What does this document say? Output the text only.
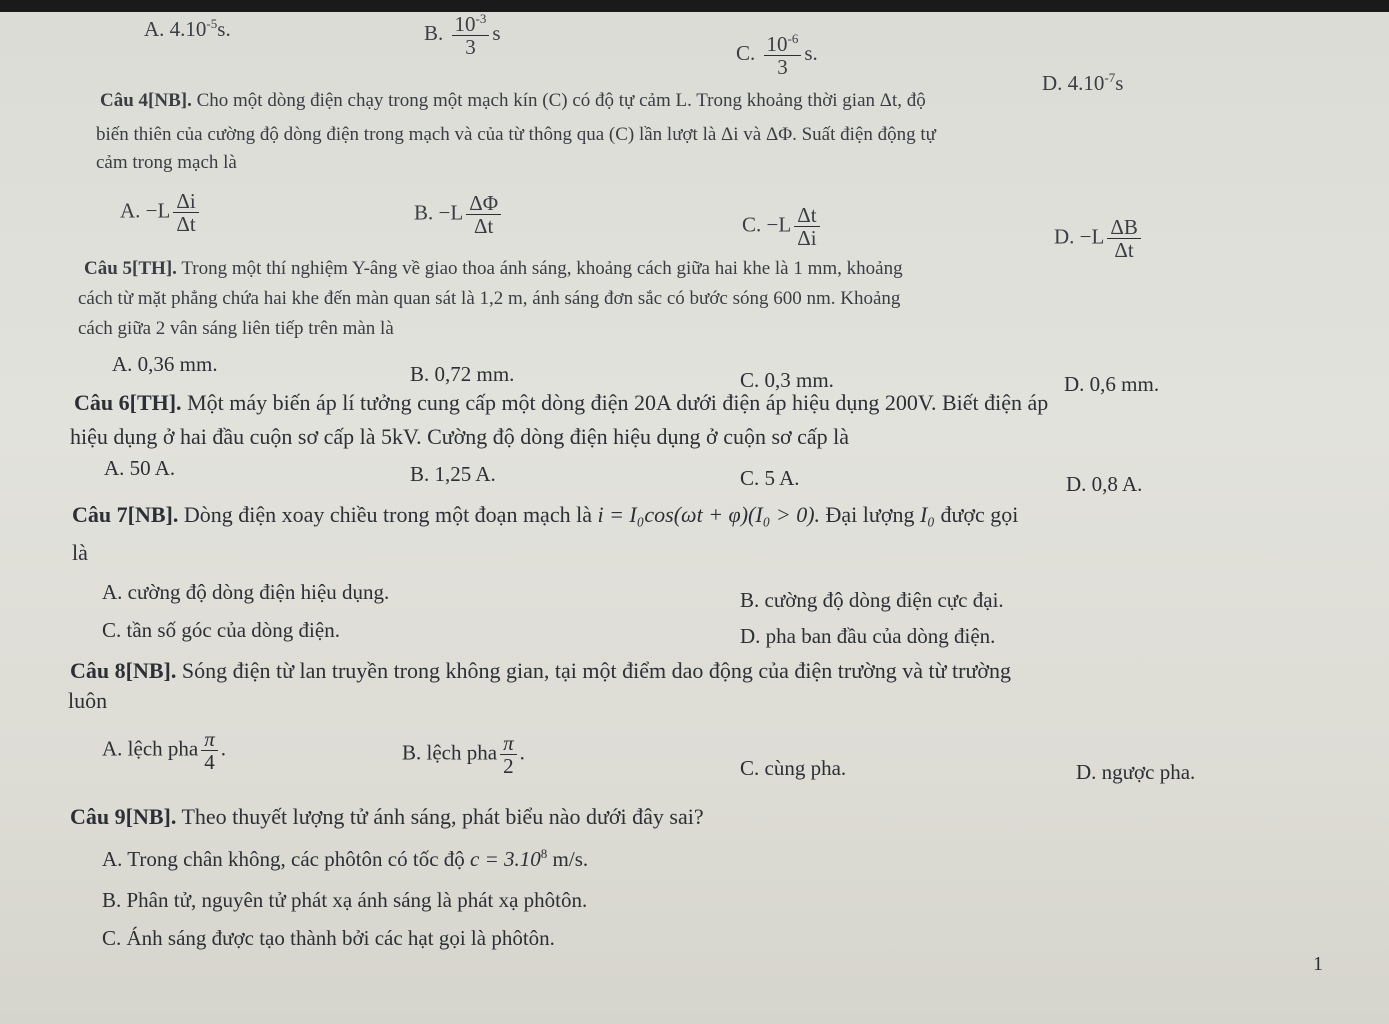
A. $4.10^{-5}s$.	B. $\frac{10^{-3}}{3}$ s
C. $\frac{10^{-6}}{3} s$.
D. $4.10^{-7}s$
Câu 4[NB]. Cho một dòng điện chạy trong một mạch kín (C) có độ tự cảm L. Trong khoảng thời gian Δt, độ
biến thiên của cường độ dòng điện trong mạch và của từ thông qua (C) lần lượt là Δi và ΔΦ. Suất điện động tự
cảm trong mạch là
A. $-L \frac{\Delta i}{\Delta t}$	B. $-L \frac{\Delta\Phi}{\Delta t}$	C. $-L \frac{\Delta t}{\Delta i}$	D. $-L \frac{\Delta B}{\Delta t}$
Câu 5[TH]. Trong một thí nghiệm Y-âng về giao thoa ánh sáng, khoảng cách giữa hai khe là 1 mm, khoảng
cách từ mặt phẳng chứa hai khe đến màn quan sát là 1,2 m, ánh sáng đơn sắc có bước sóng 600 nm. Khoảng
cách giữa 2 vân sáng liên tiếp trên màn là
A. 0,36 mm.	B. 0,72 mm.	C. 0,3 mm.	D. 0,6 mm.
Câu 6[TH]. Một máy biến áp lí tưởng cung cấp một dòng điện 20A dưới điện áp hiệu dụng 200V. Biết điện áp
hiệu dụng ở hai đầu cuộn sơ cấp là 5kV. Cường độ dòng điện hiệu dụng ở cuộn sơ cấp là
A. 50 A.	B. 1,25 A.	C. 5 A.	D. 0,8 A.
Câu 7[NB]. Dòng điện xoay chiều trong một đoạn mạch là i = I₀cos(ωt + φ)(I₀ > 0). Đại lượng I₀ được gọi
là
A. cường độ dòng điện hiệu dụng.	B. cường độ dòng điện cực đại.
C. tần số góc của dòng điện.	D. pha ban đầu của dòng điện.
Câu 8[NB]. Sóng điện từ lan truyền trong không gian, tại một điểm dao động của điện trường và từ trường
luôn
A. lệch pha $\frac{\pi}{4}$ .	B. lệch pha $\frac{\pi}{2}$ .
C. cùng pha.	D. ngược pha.
Câu 9[NB]. Theo thuyết lượng tử ánh sáng, phát biểu nào dưới đây sai?
A. Trong chân không, các phôtôn có tốc độ $c = 3.10^8$ m/s.
B. Phân tử, nguyên tử phát xạ ánh sáng là phát xạ phôtôn.
C. Ánh sáng được tạo thành bởi các hạt gọi là phôtôn.
1
